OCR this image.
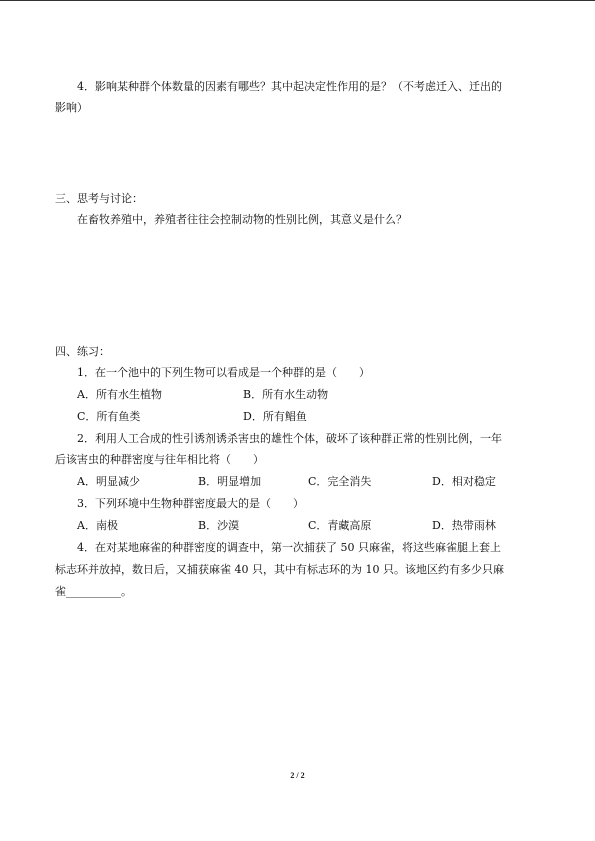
4．影响某种群个体数量的因素有哪些？其中起决定性作用的是？（不考虑迁入、迁出的
影响）
三、思考与讨论：
在畜牧养殖中，养殖者往往会控制动物的性别比例，其意义是什么？
四、练习：
1．在一个池中的下列生物可以看成是一个种群的是（　　）
A．所有水生植物	B．所有水生动物
C．所有鱼类	D．所有鲳鱼
2．利用人工合成的性引诱剂诱杀害虫的雄性个体，破坏了该种群正常的性别比例，一年
后该害虫的种群密度与往年相比将（　　）
A．明显减少	B．明显增加	C．完全消失	D．相对稳定
3．下列环境中生物种群密度最大的是（　　）
A．南极	B．沙漠	C．青藏高原	D．热带雨林
4．在对某地麻雀的种群密度的调查中，第一次捕获了 50 只麻雀，将这些麻雀腿上套上
标志环并放掉，数日后，又捕获麻雀 40 只，其中有标志环的为 10 只。该地区约有多少只麻
雀__________。
2 / 2
